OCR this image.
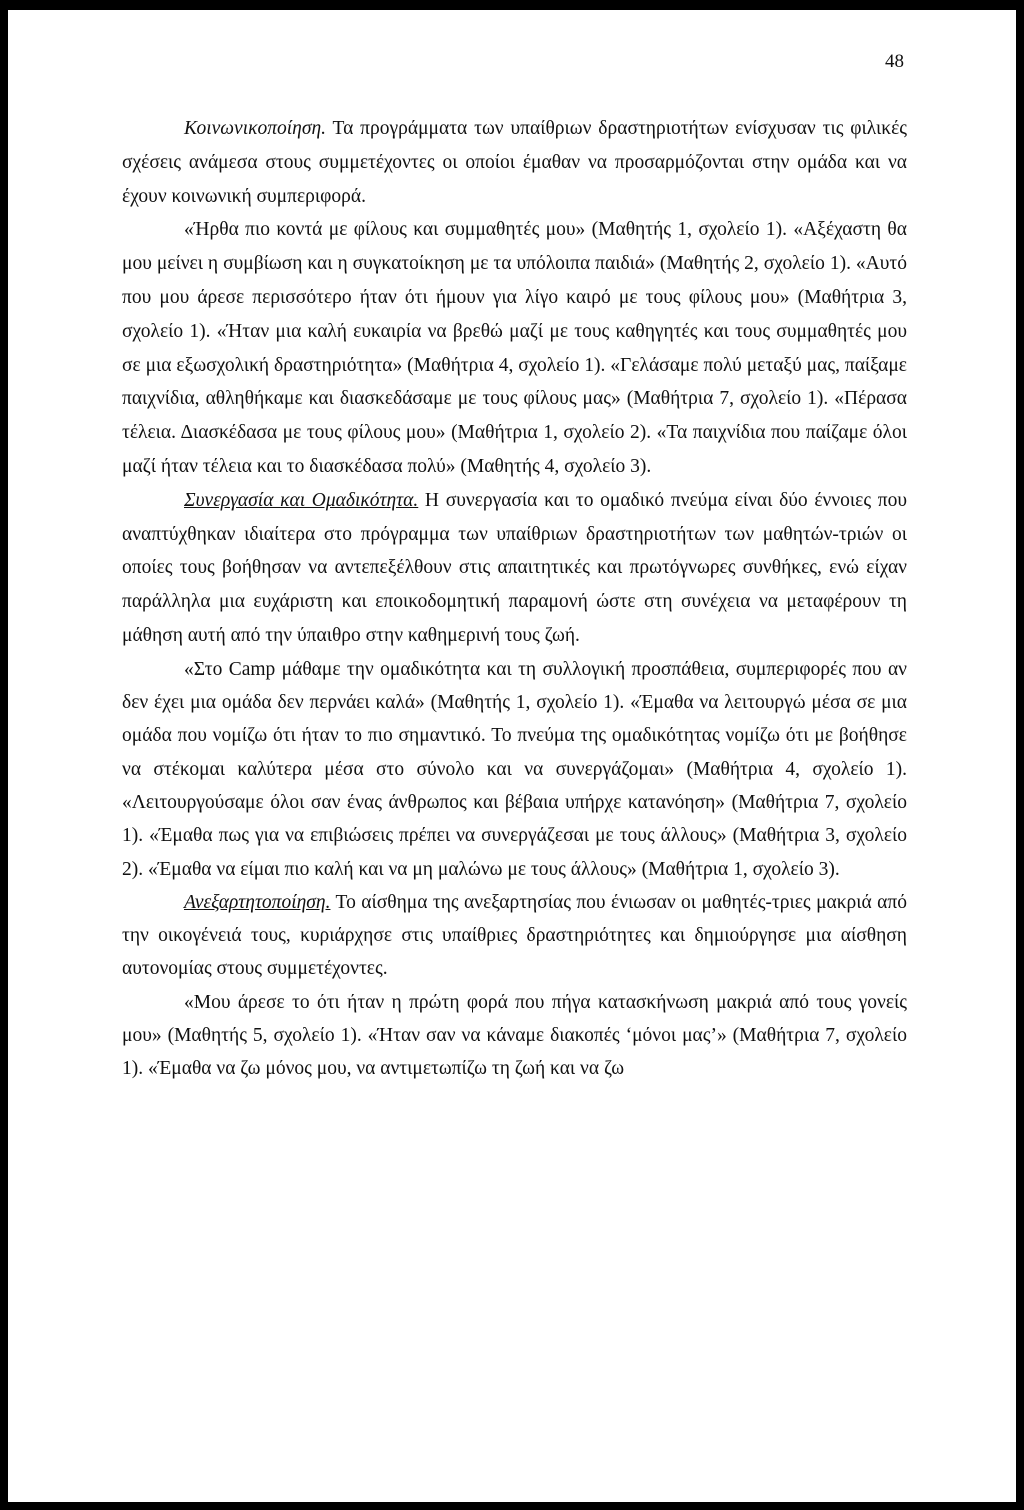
48

Κοινωνικοποίηση. Τα προγράμματα των υπαίθριων δραστηριοτήτων ενίσχυσαν τις φιλικές σχέσεις ανάμεσα στους συμμετέχοντες οι οποίοι έμαθαν να προσαρμόζονται στην ομάδα και να έχουν κοινωνική συμπεριφορά.

«Ήρθα πιο κοντά με φίλους και συμμαθητές μου» (Μαθητής 1, σχολείο 1). «Αξέχαστη θα μου μείνει η συμβίωση και η συγκατοίκηση με τα υπόλοιπα παιδιά» (Μαθητής 2, σχολείο 1). «Αυτό που μου άρεσε περισσότερο ήταν ότι ήμουν για λίγο καιρό με τους φίλους μου» (Μαθήτρια 3, σχολείο 1). «Ήταν μια καλή ευκαιρία να βρεθώ μαζί με τους καθηγητές και τους συμμαθητές μου σε μια εξωσχολική δραστηριότητα» (Μαθήτρια 4, σχολείο 1). «Γελάσαμε πολύ μεταξύ μας, παίξαμε παιχνίδια, αθληθήκαμε και διασκεδάσαμε με τους φίλους μας» (Μαθήτρια 7, σχολείο 1). «Πέρασα τέλεια. Διασκέδασα με τους φίλους μου» (Μαθήτρια 1, σχολείο 2). «Τα παιχνίδια που παίζαμε όλοι μαζί ήταν τέλεια και το διασκέδασα πολύ» (Μαθητής 4, σχολείο 3).

Συνεργασία και Ομαδικότητα. Η συνεργασία και το ομαδικό πνεύμα είναι δύο έννοιες που αναπτύχθηκαν ιδιαίτερα στο πρόγραμμα των υπαίθριων δραστηριοτήτων των μαθητών-τριών οι οποίες τους βοήθησαν να αντεπεξέλθουν στις απαιτητικές και πρωτόγνωρες συνθήκες, ενώ είχαν παράλληλα μια ευχάριστη και εποικοδομητική παραμονή ώστε στη συνέχεια να μεταφέρουν τη μάθηση αυτή από την ύπαιθρο στην καθημερινή τους ζωή.

«Στο Camp μάθαμε την ομαδικότητα και τη συλλογική προσπάθεια, συμπεριφορές που αν δεν έχει μια ομάδα δεν περνάει καλά» (Μαθητής 1, σχολείο 1). «Έμαθα να λειτουργώ μέσα σε μια ομάδα που νομίζω ότι ήταν το πιο σημαντικό. Το πνεύμα της ομαδικότητας νομίζω ότι με βοήθησε να στέκομαι καλύτερα μέσα στο σύνολο και να συνεργάζομαι» (Μαθήτρια 4, σχολείο 1). «Λειτουργούσαμε όλοι σαν ένας άνθρωπος και βέβαια υπήρχε κατανόηση» (Μαθήτρια 7, σχολείο 1). «Έμαθα πως για να επιβιώσεις πρέπει να συνεργάζεσαι με τους άλλους» (Μαθήτρια 3, σχολείο 2). «Έμαθα να είμαι πιο καλή και να μη μαλώνω με τους άλλους» (Μαθήτρια 1, σχολείο 3).

Ανεξαρτητοποίηση. Το αίσθημα της ανεξαρτησίας που ένιωσαν οι μαθητές-τριες μακριά από την οικογένειά τους, κυριάρχησε στις υπαίθριες δραστηριότητες και δημιούργησε μια αίσθηση αυτονομίας στους συμμετέχοντες.

«Μου άρεσε το ότι ήταν η πρώτη φορά που πήγα κατασκήνωση μακριά από τους γονείς μου» (Μαθητής 5, σχολείο 1). «Ήταν σαν να κάναμε διακοπές ‘μόνοι μας’» (Μαθήτρια 7, σχολείο 1). «Έμαθα να ζω μόνος μου, να αντιμετωπίζω τη ζωή και να ζω
